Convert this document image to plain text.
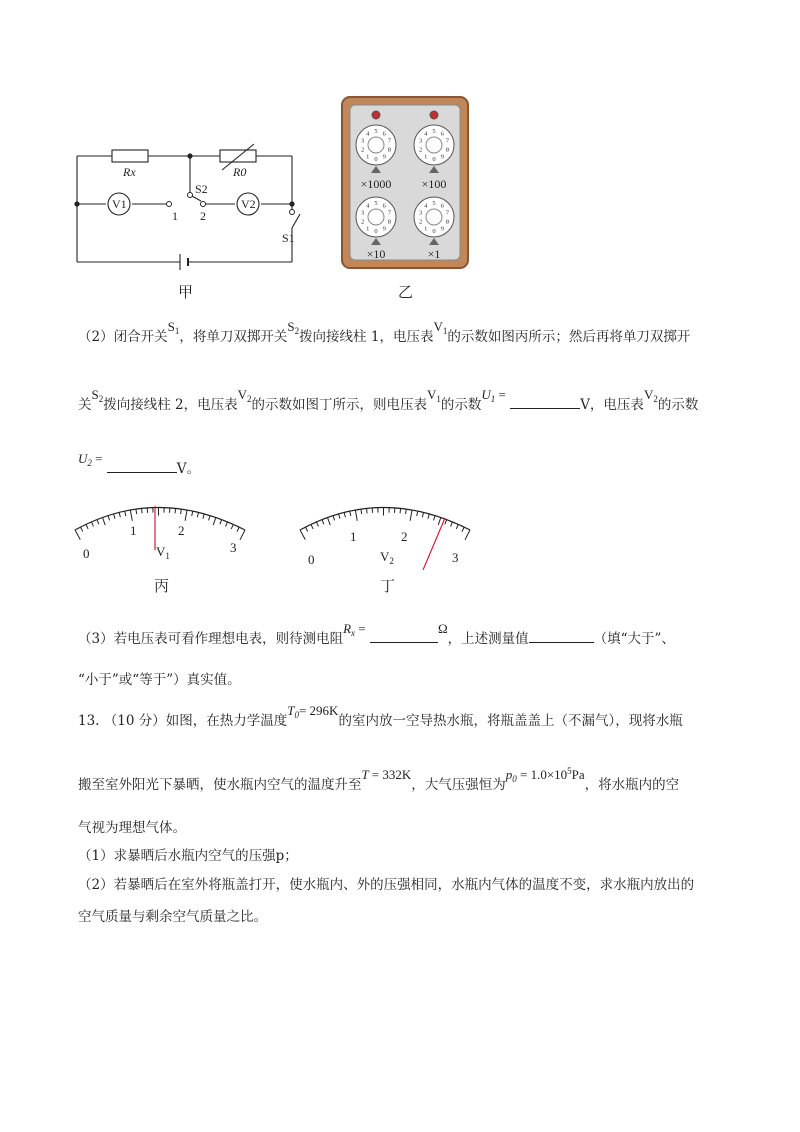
Rx	R0
V1	V2
S2
S1
1 2
甲
0
1
2
3
4 5 6
7
8
9	0
1
2
3
4 5 6
7
8
9
0
1
2
3
4 5 6
7
8
9	0
1
2
3
4 5 6
7
8
9
×1000	×100
×10	×1
乙
（2）闭合开关$S_1$，将单刀双掷开关$S_2$拨向接线柱 1，电压表$V_1$的示数如图丙所示；然后再将单刀双掷开
关$S_2$拨向接线柱 2，电压表$V_2$的示数如图丁所示，则电压表$V_1$的示数$U_1 = V$，电压表$V_2$的示数
$U_2 = V$。
0
1	2
3
$V_1$
丙
0
1	2
3
$V_2$
丁
（3）若电压表可看作理想电表，则待测电阻$R_x$ =	Ω，上述测量值	（填“大于”、
“小于”或“等于”）真实值。
13. （10 分）如图，在热力学温度$T_0= 296K$的室内放一空导热水瓶，将瓶盖盖上（不漏气），现将水瓶
搬至室外阳光下暴晒，使水瓶内空气的温度升至T = 332K，大气压强恒为$p_0 = 1.0\times 10^5Pa$，将水瓶内的空
气视为理想气体。
（1）求暴晒后水瓶内空气的压强p；
（2）若暴晒后在室外将瓶盖打开，使水瓶内、外的压强相同，水瓶内气体的温度不变，求水瓶内放出的
空气质量与剩余空气质量之比。
